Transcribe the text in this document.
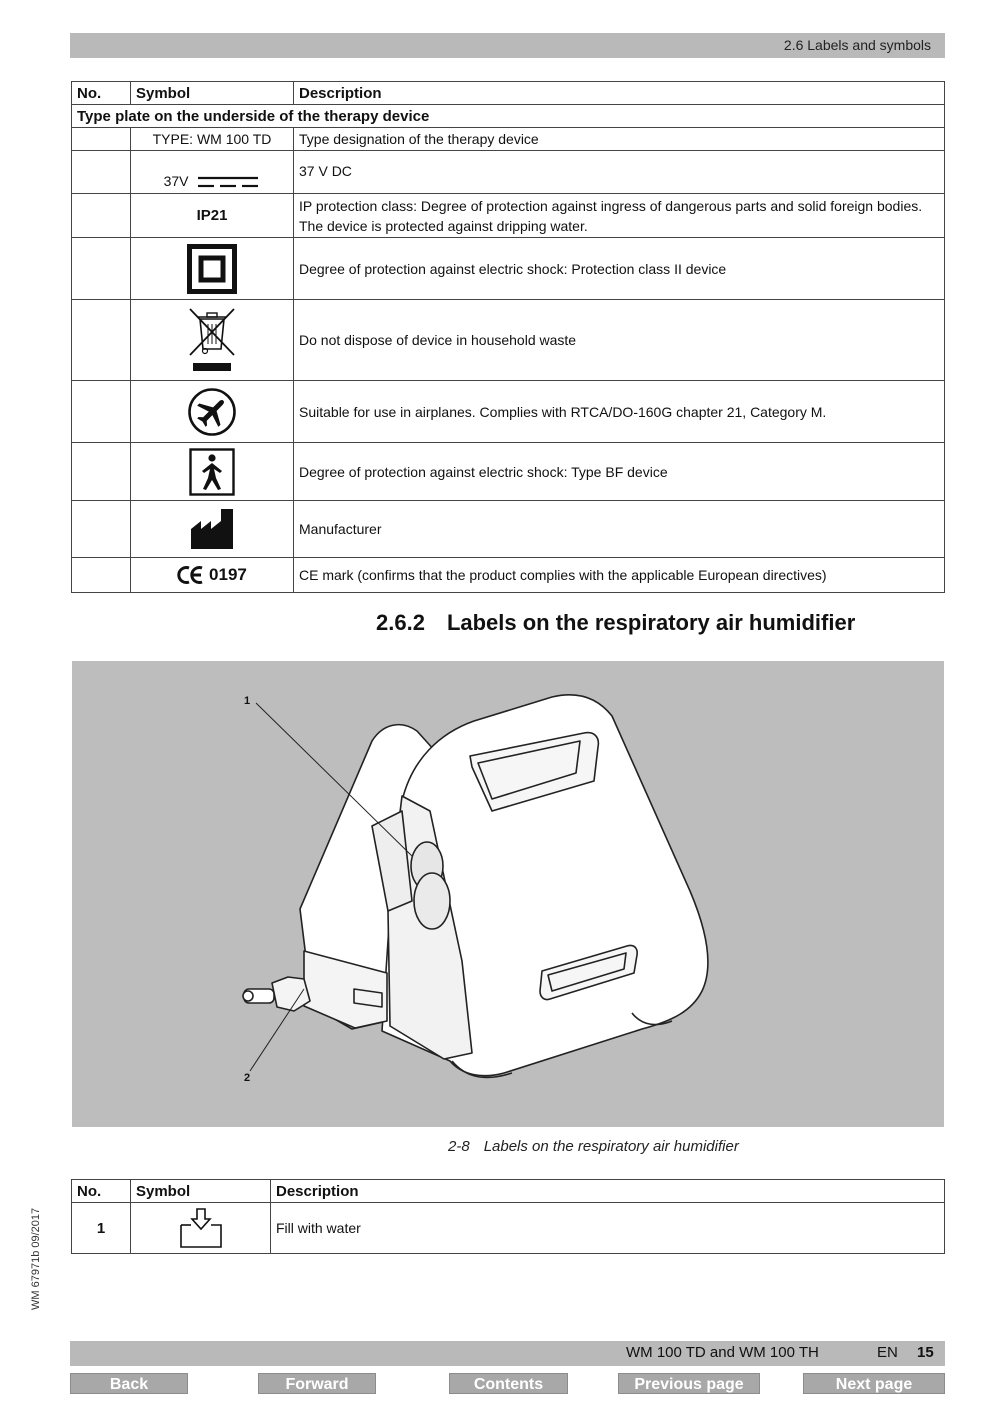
2.6 Labels and symbols
No.	Symbol	Description
Type plate on the underside of the therapy device		
	TYPE: WM 100 TD	Type designation of the therapy device
	37V	37 V DC
	IP21	IP protection class: Degree of protection against ingress of dangerous parts and solid foreign bodies. The device is protected against dripping water.
		Degree of protection against electric shock: Protection class II device
		Do not dispose of device in household waste
		Suitable for use in airplanes. Complies with RTCA/DO-160G chapter 21, Category M.
		Degree of protection against electric shock: Type BF device
		Manufacturer
	0197	CE mark (confirms that the product complies with the applicable European directives)
2.6.2 Labels on the respiratory air humidifier
1
2
2-8 Labels on the respiratory air humidifier
No.	Symbol	Description
1		Fill with water
WM 67971b 09/2017
WM 100 TD and WM 100 TH	EN 15
Back	Forward	Contents	Previous page	Next page
